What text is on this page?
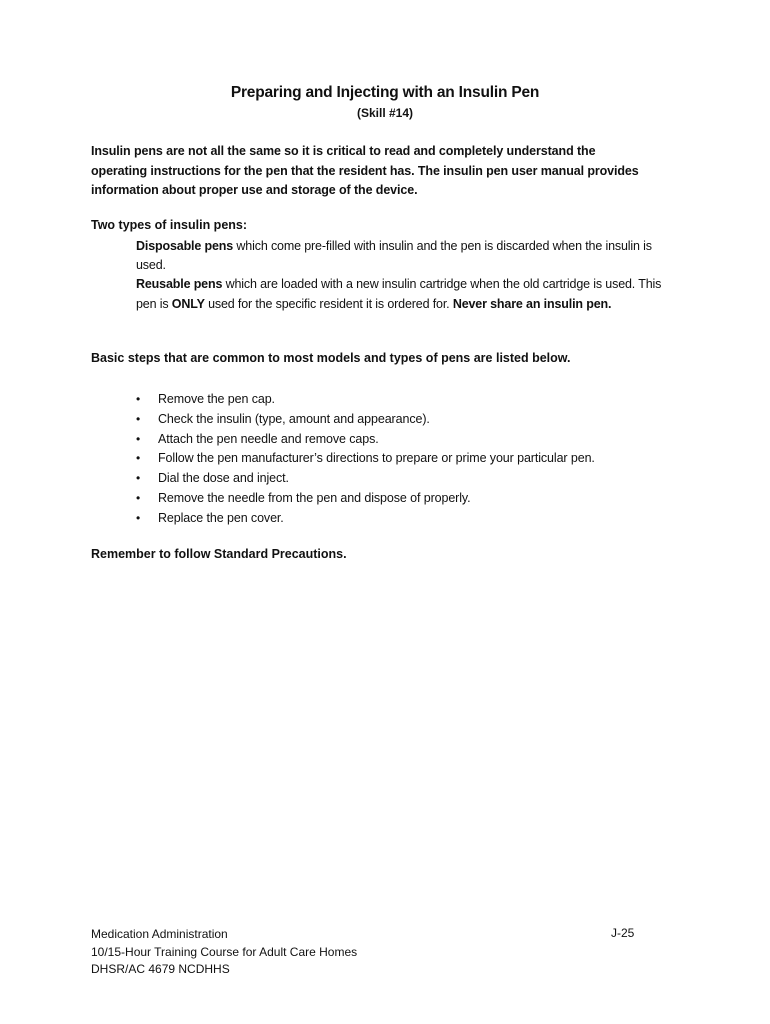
Preparing and Injecting with an Insulin Pen
(Skill #14)
Insulin pens are not all the same so it is critical to read and completely understand the operating instructions for the pen that the resident has. The insulin pen user manual provides information about proper use and storage of the device.
Two types of insulin pens:

Disposable pens which come pre-filled with insulin and the pen is discarded when the insulin is used.

Reusable pens which are loaded with a new insulin cartridge when the old cartridge is used. This pen is ONLY used for the specific resident it is ordered for. Never share an insulin pen.

Basic steps that are common to most models and types of pens are listed below.
• Remove the pen cap.
• Check the insulin (type, amount and appearance).
• Attach the pen needle and remove caps.
• Follow the pen manufacturer’s directions to prepare or prime your particular pen.
• Dial the dose and inject.
• Remove the needle from the pen and dispose of properly.
• Replace the pen cover.
Remember to follow Standard Precautions.
Medication Administration
10/15-Hour Training Course for Adult Care Homes
DHSR/AC 4679 NCDHHS
J-25
